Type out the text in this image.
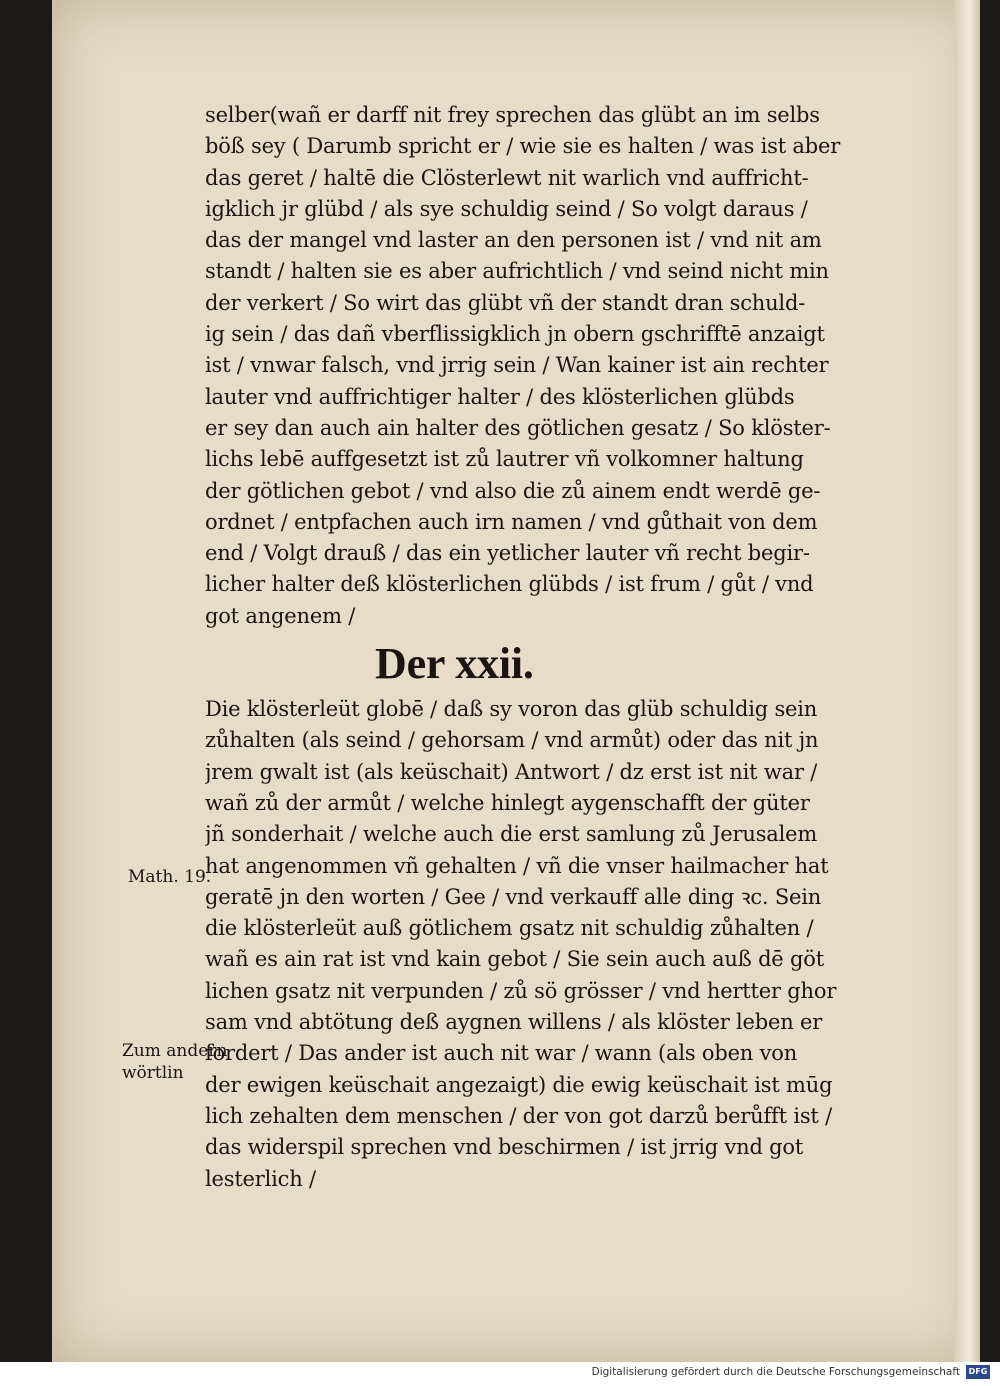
selber(wañ er darff nit frey sprechen das glübt an im selbs
böß sey ( Darumb spricht er / wie sie es halten / was ist aber
das geret / haltē die Clösterlewt nit warlich vnd auffricht-
igklich jr glübd / als sye schuldig seind / So volgt daraus /
das der mangel vnd laster an den personen ist / vnd nit am
standt / halten sie es aber aufrichtlich / vnd seind nicht min
der verkert / So wirt das glübt vñ der standt dran schuld-
ig sein / das dañ vberflissigklich jn obern gschrifftē anzaigt
ist / vnwar falsch, vnd jrrig sein / Wan kainer ist ain rechter
lauter vnd auffrichtiger halter / des klösterlichen glübds
er sey dan auch ain halter des götlichen gesatz / So klöster-
lichs lebē auffgesetzt ist zů lautrer vñ volkomner haltung
der götlichen gebot / vnd also die zů ainem endt werdē ge-
ordnet / entpfachen auch irn namen / vnd gůthait von dem
end / Volgt drauß / das ein yetlicher lauter vñ recht begir-
licher halter deß klösterlichen glübds / ist frum / gůt / vnd
got angenem /
Der xxii.
Die klösterleüt globē / daß sy voron das glüb schuldig sein
zůhalten (als seind / gehorsam / vnd armůt) oder das nit jn
jrem gwalt ist (als keüschait) Antwort / dz erst ist nit war /
wañ zů der armůt / welche hinlegt aygenschafft der güter
jñ sonderhait / welche auch die erst samlung zů Jerusalem
hat angenommen vñ gehalten / vñ die vnser hailmacher hat
geratē jn den worten / Gee / vnd verkauff alle ding ꝛc. Sein
die klösterleüt auß götlichem gsatz nit schuldig zůhalten /
wañ es ain rat ist vnd kain gebot / Sie sein auch auß dē göt
lichen gsatz nit verpunden / zů sö grösser / vnd hertter ghor
sam vnd abtötung deß aygnen willens / als klöster leben er
fordert / Das ander ist auch nit war / wann (als oben von
der ewigen keüschait angezaigt) die ewig keüschait ist mūg
lich zehalten dem menschen / der von got darzů berůfft ist /
das widerspil sprechen vnd beschirmen / ist jrrig vnd got
lesterlich /
Math. 19.
Zum andern
wörtlin
Digitalisierung gefördert durch die Deutsche Forschungsgemeinschaft	DFG
